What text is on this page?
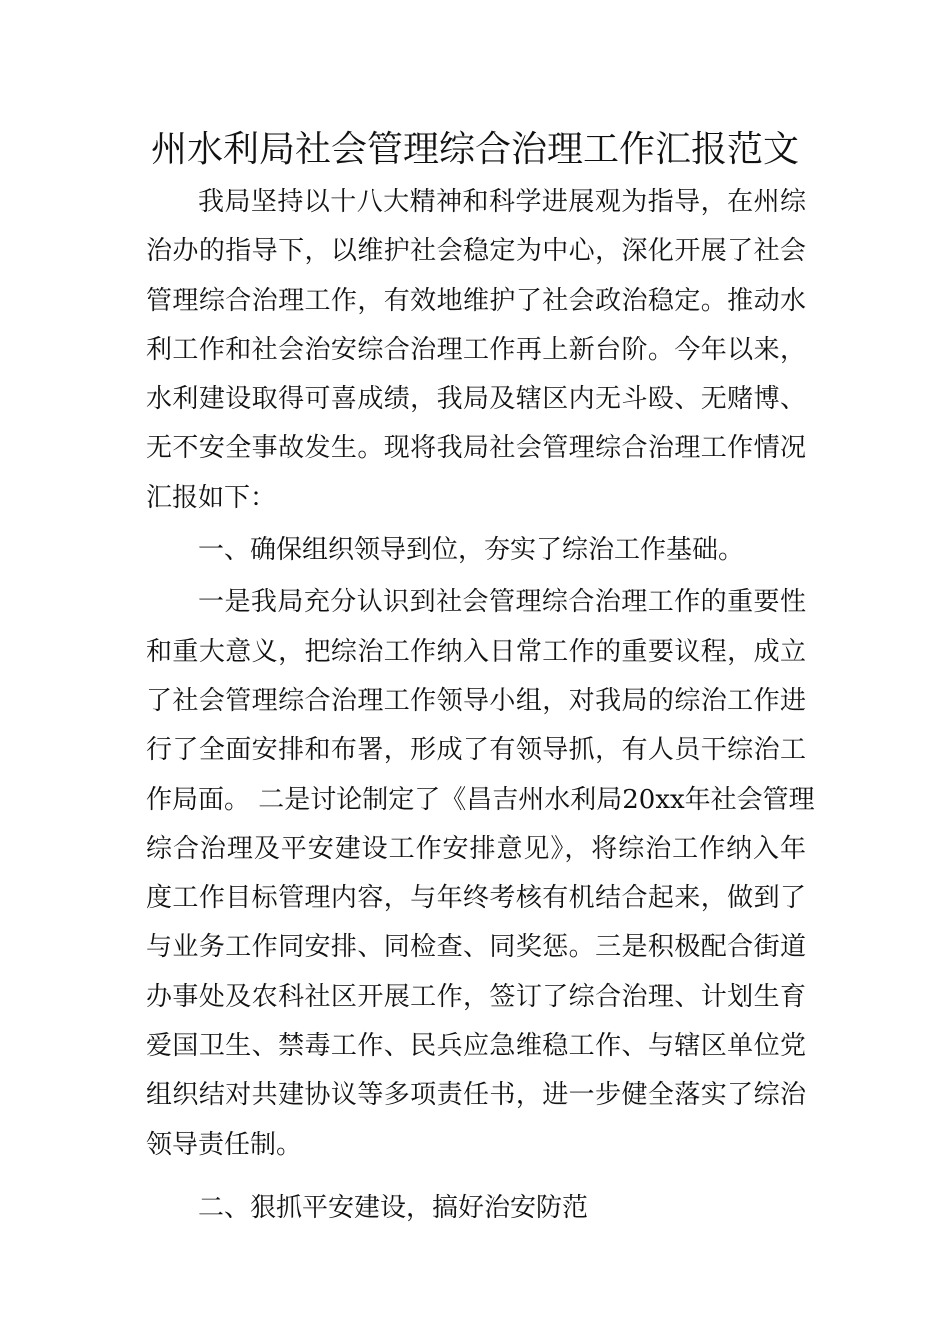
州水利局社会管理综合治理工作汇报范文
我局坚持以十八大精神和科学进展观为指导，在州综
治办的指导下，以维护社会稳定为中心，深化开展了社会
管理综合治理工作，有效地维护了社会政治稳定。推动水
利工作和社会治安综合治理工作再上新台阶。今年以来，
水利建设取得可喜成绩，我局及辖区内无斗殴、无赌博、
无不安全事故发生。现将我局社会管理综合治理工作情况
汇报如下：
一、确保组织领导到位，夯实了综治工作基础。
一是我局充分认识到社会管理综合治理工作的重要性
和重大意义，把综治工作纳入日常工作的重要议程，成立
了社会管理综合治理工作领导小组，对我局的综治工作进
行了全面安排和布署，形成了有领导抓，有人员干综治工
作局面。 二是讨论制定了《昌吉州水利局20xx年社会管理
综合治理及平安建设工作安排意见》，将综治工作纳入年
度工作目标管理内容，与年终考核有机结合起来，做到了
与业务工作同安排、同检查、同奖惩。三是积极配合街道
办事处及农科社区开展工作，签订了综合治理、计划生育
爱国卫生、禁毒工作、民兵应急维稳工作、与辖区单位党
组织结对共建协议等多项责任书，进一步健全落实了综治
领导责任制。
二、狠抓平安建设，搞好治安防范
